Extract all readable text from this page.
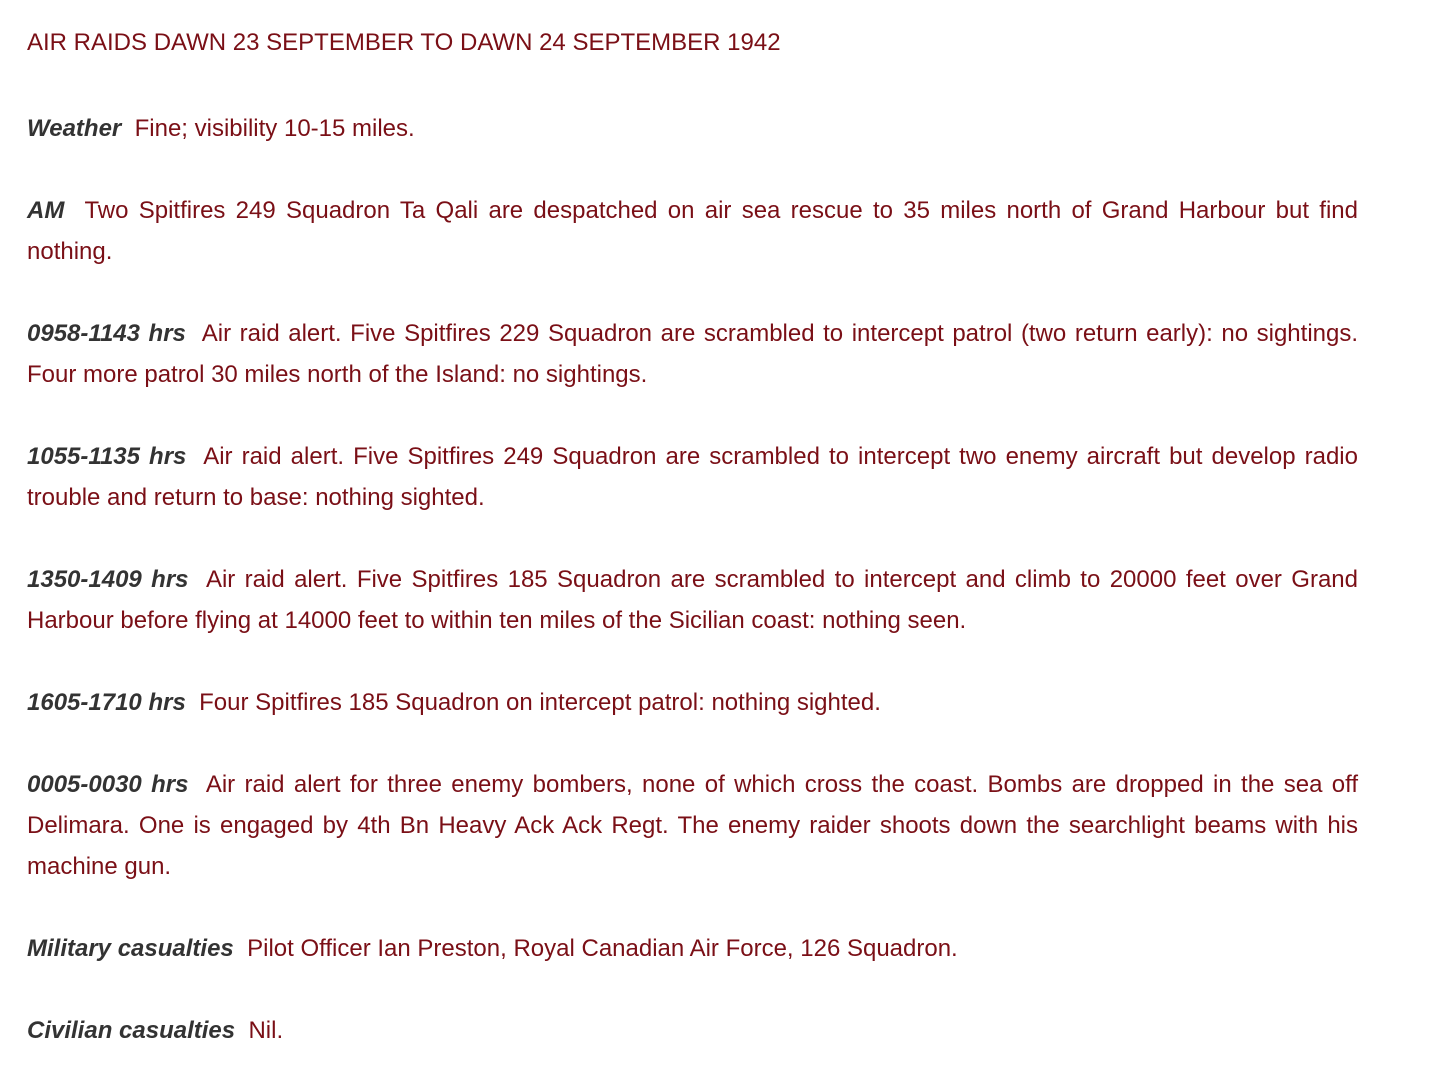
AIR RAIDS DAWN 23 SEPTEMBER TO DAWN 24 SEPTEMBER 1942

Weather Fine; visibility 10-15 miles.

AM Two Spitfires 249 Squadron Ta Qali are despatched on air sea rescue to 35 miles north of Grand Harbour but find nothing.

0958-1143 hrs Air raid alert. Five Spitfires 229 Squadron are scrambled to intercept patrol (two return early): no sightings. Four more patrol 30 miles north of the Island: no sightings.

1055-1135 hrs Air raid alert. Five Spitfires 249 Squadron are scrambled to intercept two enemy aircraft but develop radio trouble and return to base: nothing sighted.

1350-1409 hrs Air raid alert. Five Spitfires 185 Squadron are scrambled to intercept and climb to 20000 feet over Grand Harbour before flying at 14000 feet to within ten miles of the Sicilian coast: nothing seen.

1605-1710 hrs Four Spitfires 185 Squadron on intercept patrol: nothing sighted.

0005-0030 hrs Air raid alert for three enemy bombers, none of which cross the coast. Bombs are dropped in the sea off Delimara. One is engaged by 4th Bn Heavy Ack Ack Regt. The enemy raider shoots down the searchlight beams with his machine gun.

Military casualties Pilot Officer Ian Preston, Royal Canadian Air Force, 126 Squadron.

Civilian casualties Nil.
